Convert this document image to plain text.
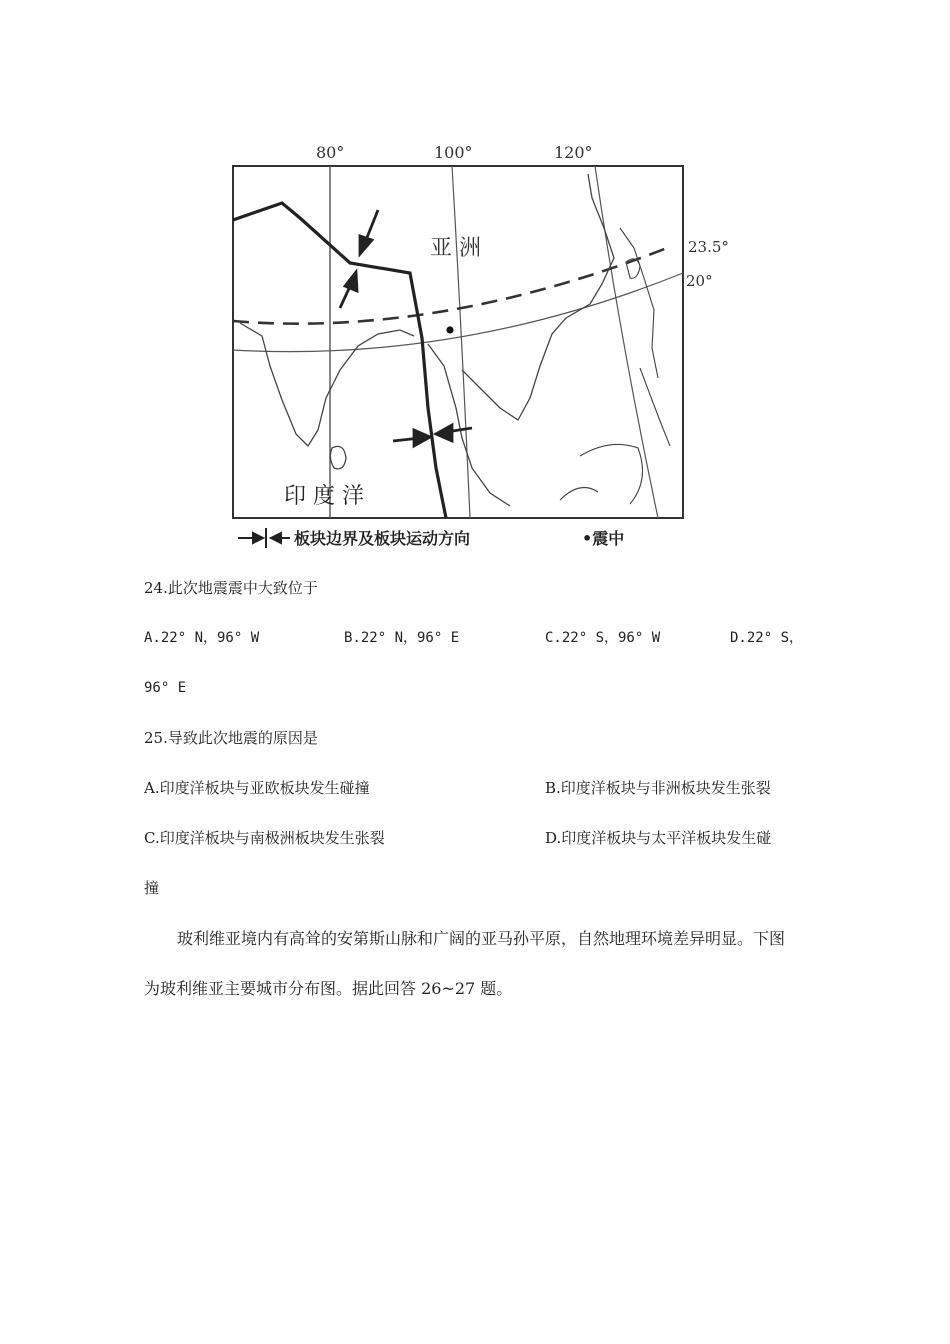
80°	100°	120°
亚 洲
印 度 洋
23.5°
20°
板块边界及板块运动方向	•震中
24.此次地震震中大致位于
A.22° N，96° W	B.22° N，96° E	C.22° S，96° W	D.22° S，
96° E
25.导致此次地震的原因是
A.印度洋板块与亚欧板块发生碰撞	B.印度洋板块与非洲板块发生张裂
C.印度洋板块与南极洲板块发生张裂	D.印度洋板块与太平洋板块发生碰
撞
玻利维亚境内有高耸的安第斯山脉和广阔的亚马孙平原，自然地理环境差异明显。下图
为玻利维亚主要城市分布图。据此回答 26~27 题。
